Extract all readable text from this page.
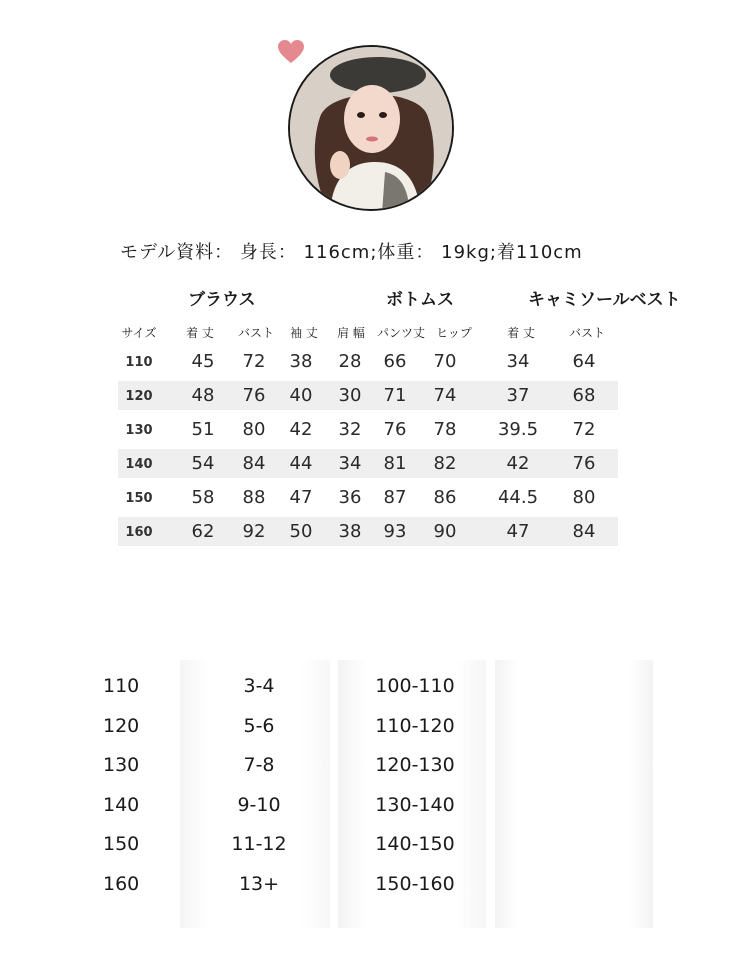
モデル資料： 身長： 116cm;体重： 19kg;着110cm
ブラウス	ボトムス	キャミソールベスト
サイズ 着 丈 バスト 袖 丈 肩 幅 パンツ丈 ヒップ	着 丈	バスト
110 45 72 38 28 66 70	34 64
120 48 76 40 30 71 74	37 68
130 51 80 42 32 76 78 39.5 72
140 54 84 44 34 81 82	42 76
150 58 88 47 36 87 86 44.5 80
160 62 92 50 38 93 90	47 84
110	3-4	100-110
120	5-6	110-120
130	7-8	120-130
140	9-10	130-140
150	11-12	140-150
160	13+	150-160
